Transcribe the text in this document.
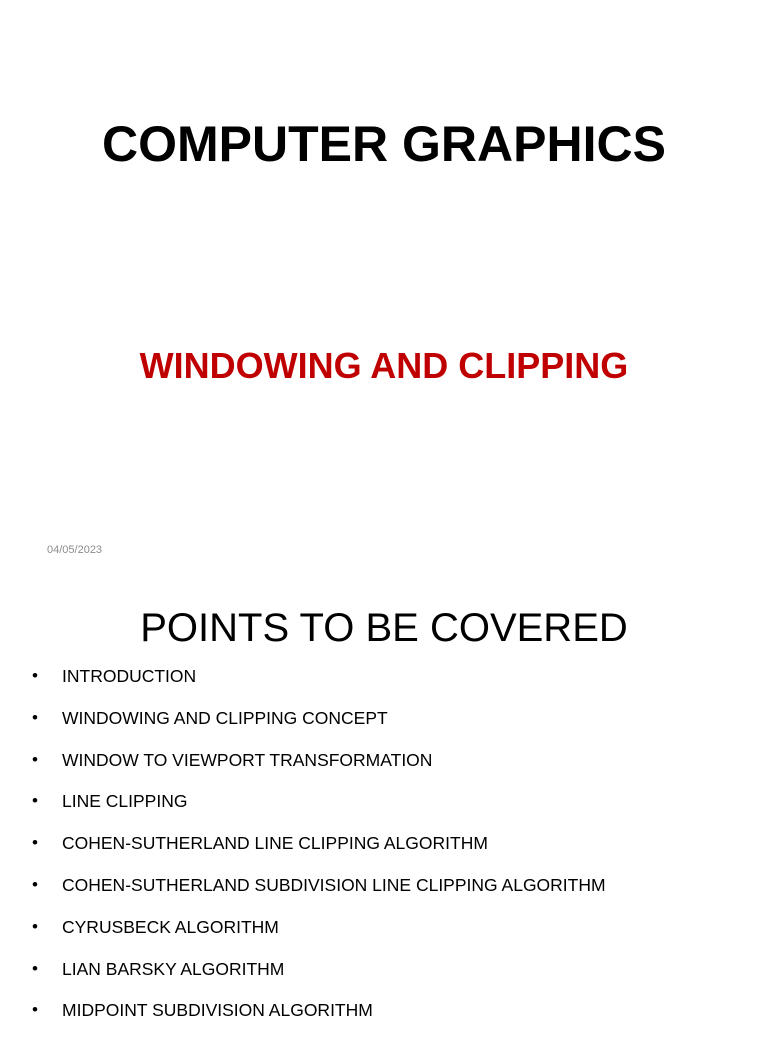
COMPUTER GRAPHICS
WINDOWING AND CLIPPING
04/05/2023
POINTS TO BE COVERED
• INTRODUCTION
• WINDOWING AND CLIPPING CONCEPT
• WINDOW TO VIEWPORT TRANSFORMATION
• LINE CLIPPING
• COHEN-SUTHERLAND LINE CLIPPING ALGORITHM
• COHEN-SUTHERLAND SUBDIVISION LINE CLIPPING ALGORITHM
• CYRUSBECK ALGORITHM
• LIAN BARSKY ALGORITHM
• MIDPOINT SUBDIVISION ALGORITHM
